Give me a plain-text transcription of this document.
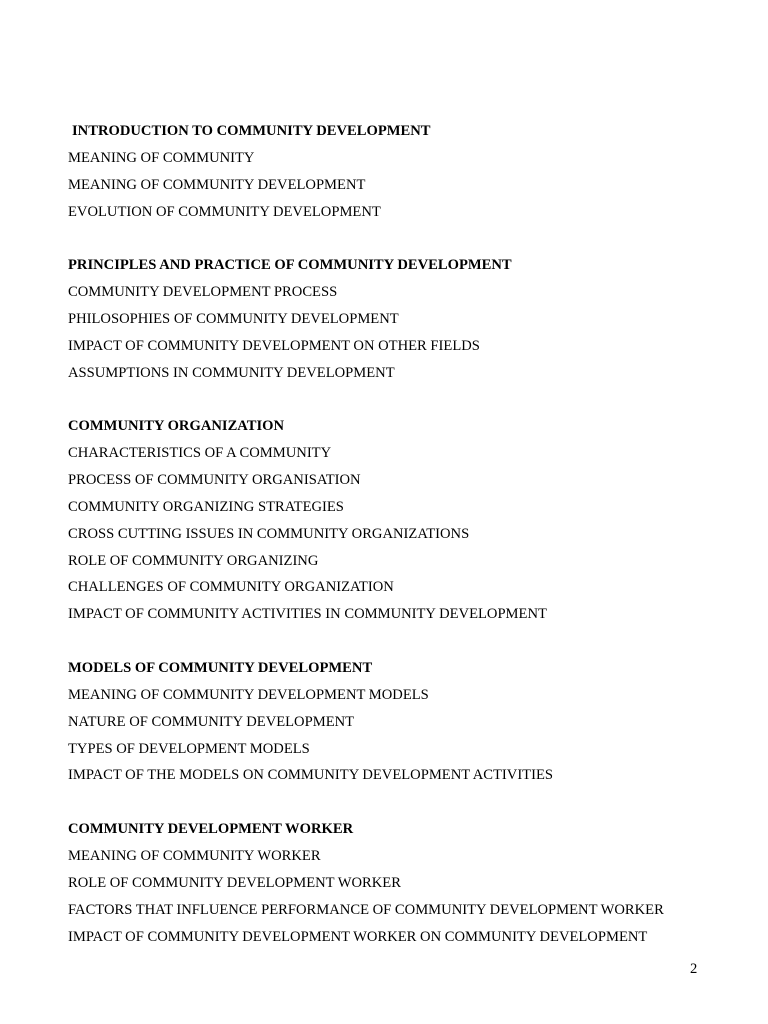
INTRODUCTION TO COMMUNITY DEVELOPMENT
MEANING OF COMMUNITY
MEANING OF COMMUNITY DEVELOPMENT
EVOLUTION OF COMMUNITY DEVELOPMENT
PRINCIPLES AND PRACTICE OF COMMUNITY DEVELOPMENT
COMMUNITY DEVELOPMENT PROCESS
PHILOSOPHIES OF COMMUNITY DEVELOPMENT
IMPACT OF COMMUNITY DEVELOPMENT ON OTHER FIELDS
ASSUMPTIONS IN COMMUNITY DEVELOPMENT
COMMUNITY ORGANIZATION
CHARACTERISTICS OF A COMMUNITY
PROCESS OF COMMUNITY ORGANISATION
COMMUNITY ORGANIZING STRATEGIES
CROSS CUTTING ISSUES IN COMMUNITY ORGANIZATIONS
ROLE OF COMMUNITY ORGANIZING
CHALLENGES OF COMMUNITY ORGANIZATION
IMPACT OF COMMUNITY ACTIVITIES IN COMMUNITY DEVELOPMENT
MODELS OF COMMUNITY DEVELOPMENT
MEANING OF COMMUNITY DEVELOPMENT MODELS
NATURE OF COMMUNITY DEVELOPMENT
TYPES OF DEVELOPMENT MODELS
IMPACT OF THE MODELS ON COMMUNITY DEVELOPMENT ACTIVITIES
COMMUNITY DEVELOPMENT WORKER
MEANING OF COMMUNITY WORKER
ROLE OF COMMUNITY DEVELOPMENT WORKER
FACTORS THAT INFLUENCE PERFORMANCE OF COMMUNITY DEVELOPMENT WORKER
IMPACT OF COMMUNITY DEVELOPMENT WORKER ON COMMUNITY DEVELOPMENT
2
